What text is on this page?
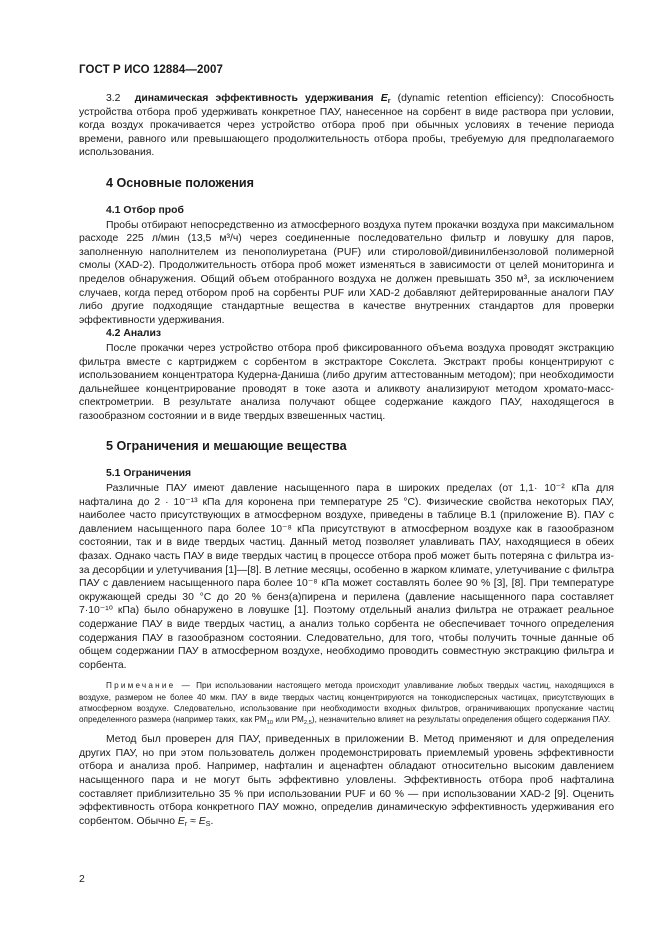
ГОСТ Р ИСО 12884—2007

3.2 динамическая эффективность удерживания $E_r$ (dynamic retention efficiency): Способность устройства отбора проб удерживать конкретное ПАУ, нанесенное на сорбент в виде раствора при условии, когда воздух прокачивается через устройство отбора проб при обычных условиях в течение периода времени, равного или превышающего продолжительность отбора пробы, требуемую для предполагаемого использования.

4 Основные положения
4.1 Отбор проб

Пробы отбирают непосредственно из атмосферного воздуха путем прокачки воздуха при максимальном расходе 225 л/мин (13,5 м³/ч) через соединенные последовательно фильтр и ловушку для паров, заполненную наполнителем из пенополиуретана (PUF) или стироловой/дивинилбензоловой полимерной смолы (XAD-2). Продолжительность отбора проб может изменяться в зависимости от целей мониторинга и пределов обнаружения. Общий объем отобранного воздуха не должен превышать 350 м³, за исключением случаев, когда перед отбором проб на сорбенты PUF или XAD-2 добавляют дейтерированные аналоги ПАУ либо другие подходящие стандартные вещества в качестве внутренних стандартов для проверки эффективности удерживания.

4.2 Анализ

После прокачки через устройство отбора проб фиксированного объема воздуха проводят экстракцию фильтра вместе с картриджем с сорбентом в экстракторе Сокслета. Экстракт пробы концентрируют с использованием концентратора Кудерна-Даниша (либо другим аттестованным методом); при необходимости дальнейшее концентрирование проводят в токе азота и аликвоту анализируют методом хромато-масс-спектрометрии. В результате анализа получают общее содержание каждого ПАУ, находящегося в газообразном состоянии и в виде твердых взвешенных частиц.

5 Ограничения и мешающие вещества
5.1 Ограничения

Различные ПАУ имеют давление насыщенного пара в широких пределах (от 1,1· 10⁻² кПа для нафталина до 2 · 10⁻¹³ кПа для коронена при температуре 25 °C). Физические свойства некоторых ПАУ, наиболее часто присутствующих в атмосферном воздухе, приведены в таблице В.1 (приложение В). ПАУ с давлением насыщенного пара более 10⁻⁸ кПа присутствуют в атмосферном воздухе как в газообразном состоянии, так и в виде твердых частиц. Данный метод позволяет улавливать ПАУ, находящиеся в обеих фазах. Однако часть ПАУ в виде твердых частиц в процессе отбора проб может быть потеряна с фильтра из-за десорбции и улетучивания [1]—[8]. В летние месяцы, особенно в жарком климате, улетучивание с фильтра ПАУ с давлением насыщенного пара более 10⁻⁸ кПа может составлять более 90 % [3], [8]. При температуре окружающей среды 30 °C до 20 % бенз(а)пирена и перилена (давление насыщенного пара составляет 7·10⁻¹⁰ кПа) было обнаружено в ловушке [1]. Поэтому отдельный анализ фильтра не отражает реальное содержание ПАУ в виде твердых частиц, а анализ только сорбента не обеспечивает точного определения содержания ПАУ в газообразном состоянии. Следовательно, для того, чтобы получить точные данные об общем содержании ПАУ в атмосферном воздухе, необходимо проводить совместную экстракцию фильтра и сорбента.

Примечание — При использовании настоящего метода происходит улавливание любых твердых частиц, находящихся в воздухе, размером не более 40 мкм. ПАУ в виде твердых частиц концентрируются на тонкодисперсных частицах, присутствующих в атмосферном воздухе. Следовательно, использование при необходимости входных фильтров, ограничивающих пропускание частиц определенного размера (например таких, как $PM_{10}$ или $PM_{2,5}$), незначительно влияет на результаты определения общего содержания ПАУ.

Метод был проверен для ПАУ, приведенных в приложении В. Метод применяют и для определения других ПАУ, но при этом пользователь должен продемонстрировать приемлемый уровень эффективности отбора и анализа проб. Например, нафталин и аценафтен обладают относительно высоким давлением насыщенного пара и не могут быть эффективно уловлены. Эффективность отбора проб нафталина составляет приблизительно 35 % при использовании PUF и 60 % — при использовании XAD-2 [9]. Оценить эффективность отбора конкретного ПАУ можно, определив динамическую эффективность удерживания его сорбентом. Обычно $E_r \approx E_S$.

2
